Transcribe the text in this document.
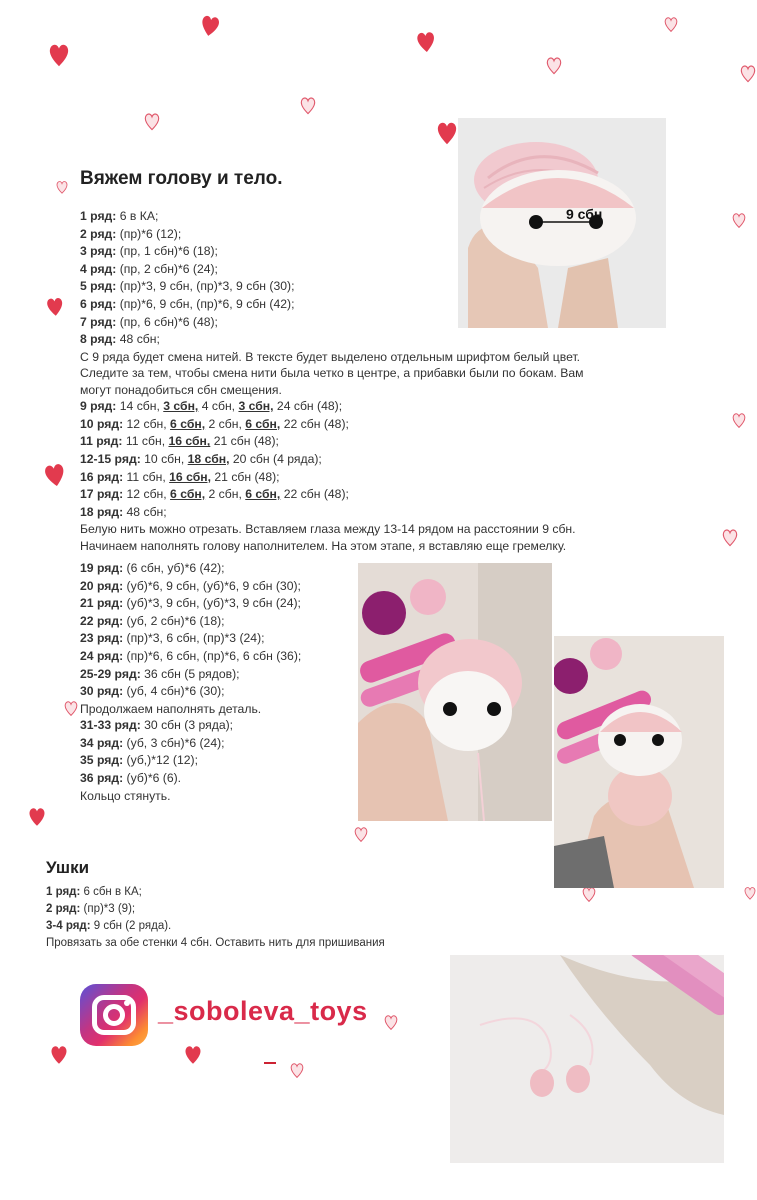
Вяжем голову и тело.
1 ряд: 6 в КА;
2 ряд: (пр)*6 (12);
3 ряд: (пр, 1 сбн)*6 (18);
4 ряд: (пр, 2 сбн)*6 (24);
5 ряд: (пр)*3, 9 сбн, (пр)*3, 9 сбн (30);
6 ряд: (пр)*6, 9 сбн, (пр)*6, 9 сбн (42);
7 ряд: (пр, 6 сбн)*6 (48);
8 ряд: 48 сбн;
С 9 ряда будет смена нитей. В тексте будет выделено отдельным шрифтом белый цвет.
Следите за тем, чтобы смена нити была четко в центре, а прибавки были по бокам. Вам
могут понадобиться сбн смещения.
9 ряд: 14 сбн, 3 сбн, 4 сбн, 3 сбн, 24 сбн (48);
10 ряд: 12 сбн, 6 сбн, 2 сбн, 6 сбн, 22 сбн (48);
11 ряд: 11 сбн, 16 сбн, 21 сбн (48);
12-15 ряд: 10 сбн, 18 сбн, 20 сбн (4 ряда);
16 ряд: 11 сбн, 16 сбн, 21 сбн (48);
17 ряд: 12 сбн, 6 сбн, 2 сбн, 6 сбн, 22 сбн (48);
18 ряд: 48 сбн;
Белую нить можно отрезать. Вставляем глаза между 13-14 рядом на расстоянии 9 сбн.
Начинаем наполнять голову наполнителем. На этом этапе, я вставляю еще гремелку.
19 ряд: (6 сбн, уб)*6 (42);
20 ряд: (уб)*6, 9 сбн, (уб)*6, 9 сбн (30);
21 ряд: (уб)*3, 9 сбн, (уб)*3, 9 сбн (24);
22 ряд: (уб, 2 сбн)*6 (18);
23 ряд: (пр)*3, 6 сбн, (пр)*3 (24);
24 ряд: (пр)*6, 6 сбн, (пр)*6, 6 сбн (36);
25-29 ряд: 36 сбн (5 рядов);
30 ряд: (уб, 4 сбн)*6 (30);
Продолжаем наполнять деталь.
31-33 ряд: 30 сбн (3 ряда);
34 ряд: (уб, 3 сбн)*6 (24);
35 ряд: (уб,)*12 (12);
36 ряд: (уб)*6 (6).
Кольцо стянуть.
9 сбн
Ушки
1 ряд: 6 сбн в КА;
2 ряд: (пр)*3 (9);
3-4 ряд: 9 сбн (2 ряда).
Провязать за обе стенки 4 сбн. Оставить нить для пришивания
_soboleva_toys
